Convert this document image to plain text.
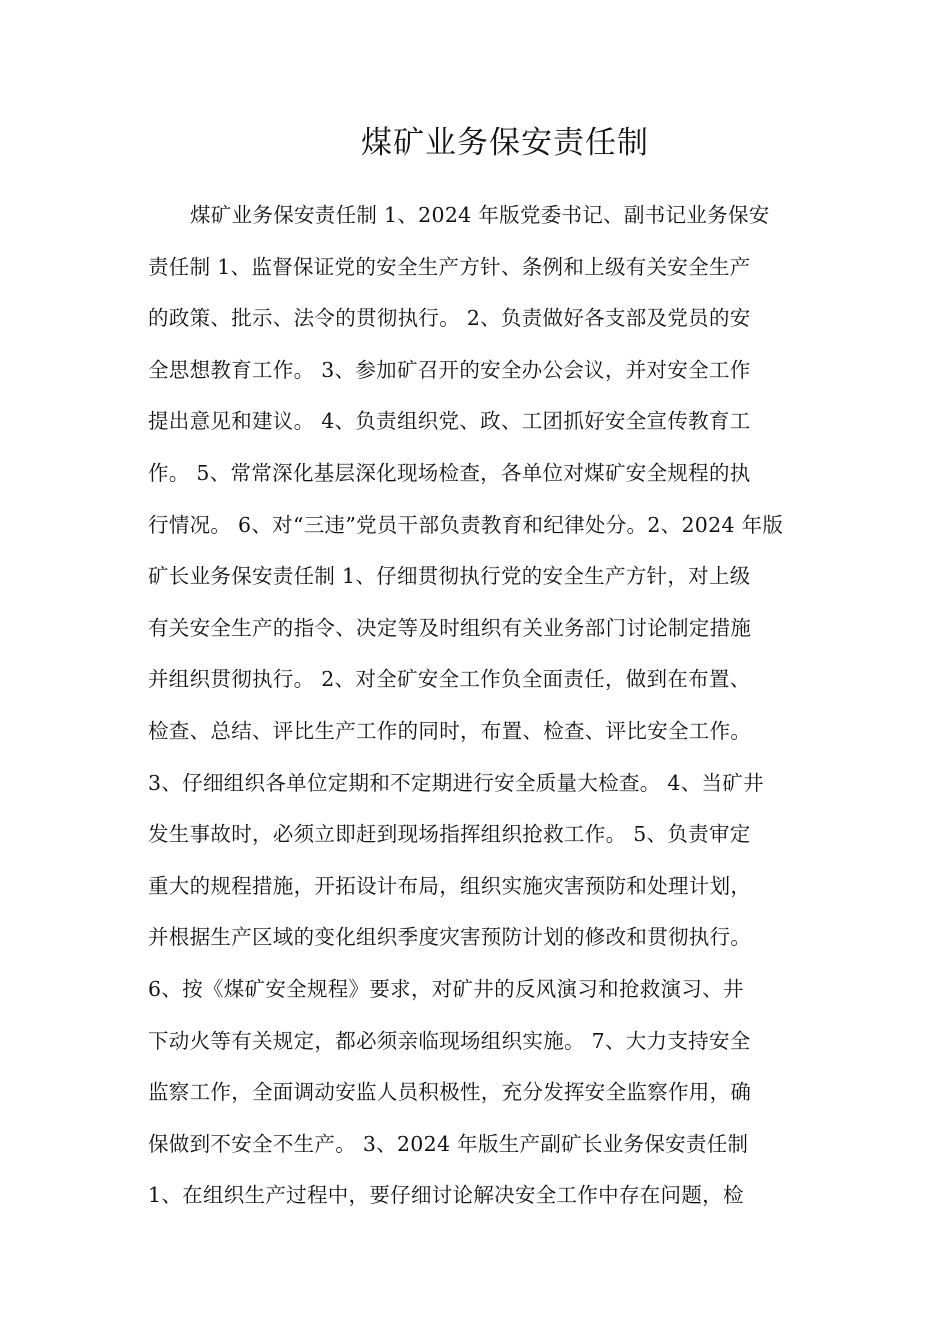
煤矿业务保安责任制
煤矿业务保安责任制 1、2024 年版党委书记、副书记业务保安
责任制 1、监督保证党的安全生产方针、条例和上级有关安全生产
的政策、批示、法令的贯彻执行。 2、负责做好各支部及党员的安
全思想教育工作。 3、参加矿召开的安全办公会议，并对安全工作
提出意见和建议。 4、负责组织党、政、工团抓好安全宣传教育工
作。 5、常常深化基层深化现场检查，各单位对煤矿安全规程的执
行情况。 6、对“三违”党员干部负责教育和纪律处分。2、2024 年版
矿长业务保安责任制 1、仔细贯彻执行党的安全生产方针，对上级
有关安全生产的指令、决定等及时组织有关业务部门讨论制定措施
并组织贯彻执行。 2、对全矿安全工作负全面责任，做到在布置、
检查、总结、评比生产工作的同时，布置、检查、评比安全工作。
3、仔细组织各单位定期和不定期进行安全质量大检查。 4、当矿井
发生事故时，必须立即赶到现场指挥组织抢救工作。 5、负责审定
重大的规程措施，开拓设计布局，组织实施灾害预防和处理计划，
并根据生产区域的变化组织季度灾害预防计划的修改和贯彻执行。
6、按《煤矿安全规程》要求，对矿井的反风演习和抢救演习、井
下动火等有关规定，都必须亲临现场组织实施。 7、大力支持安全
监察工作，全面调动安监人员积极性，充分发挥安全监察作用，确
保做到不安全不生产。 3、2024 年版生产副矿长业务保安责任制
1、在组织生产过程中，要仔细讨论解决安全工作中存在问题，检
